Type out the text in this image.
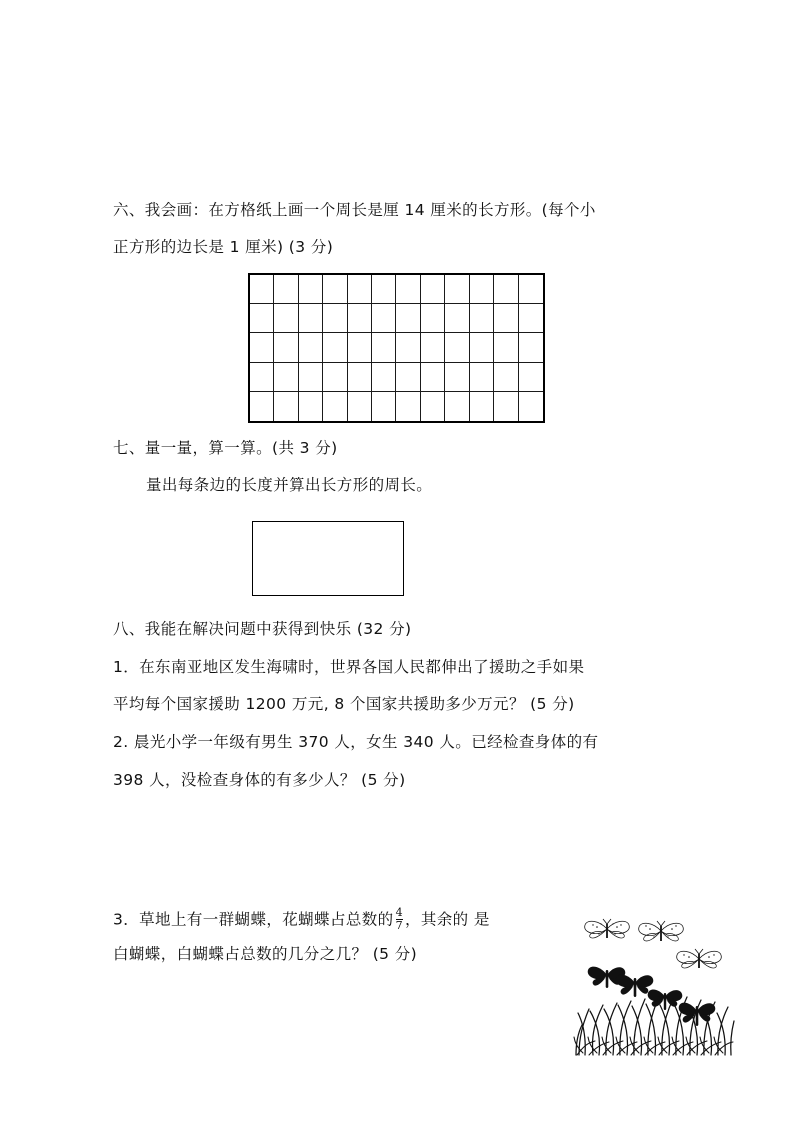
六、我会画：在方格纸上画一个周长是厘 14 厘米的长方形。(每个小
正方形的边长是 1 厘米) (3 分)
七、量一量，算一算。(共 3 分)
量出每条边的长度并算出长方形的周长。
八、我能在解决问题中获得到快乐 (32 分)
1．在东南亚地区发生海啸时，世界各国人民都伸出了援助之手如果
平均每个国家援助 1200 万元, 8 个国家共援助多少万元？ (5 分)
2. 晨光小学一年级有男生 370 人，女生 340 人。已经检查身体的有
398 人，没检查身体的有多少人？ (5 分)
3．草地上有一群蝴蝶，花蝴蝶占总数的 $\frac{4}{7}$ ，其余的 是
白蝴蝶，白蝴蝶占总数的几分之几？ (5 分)
